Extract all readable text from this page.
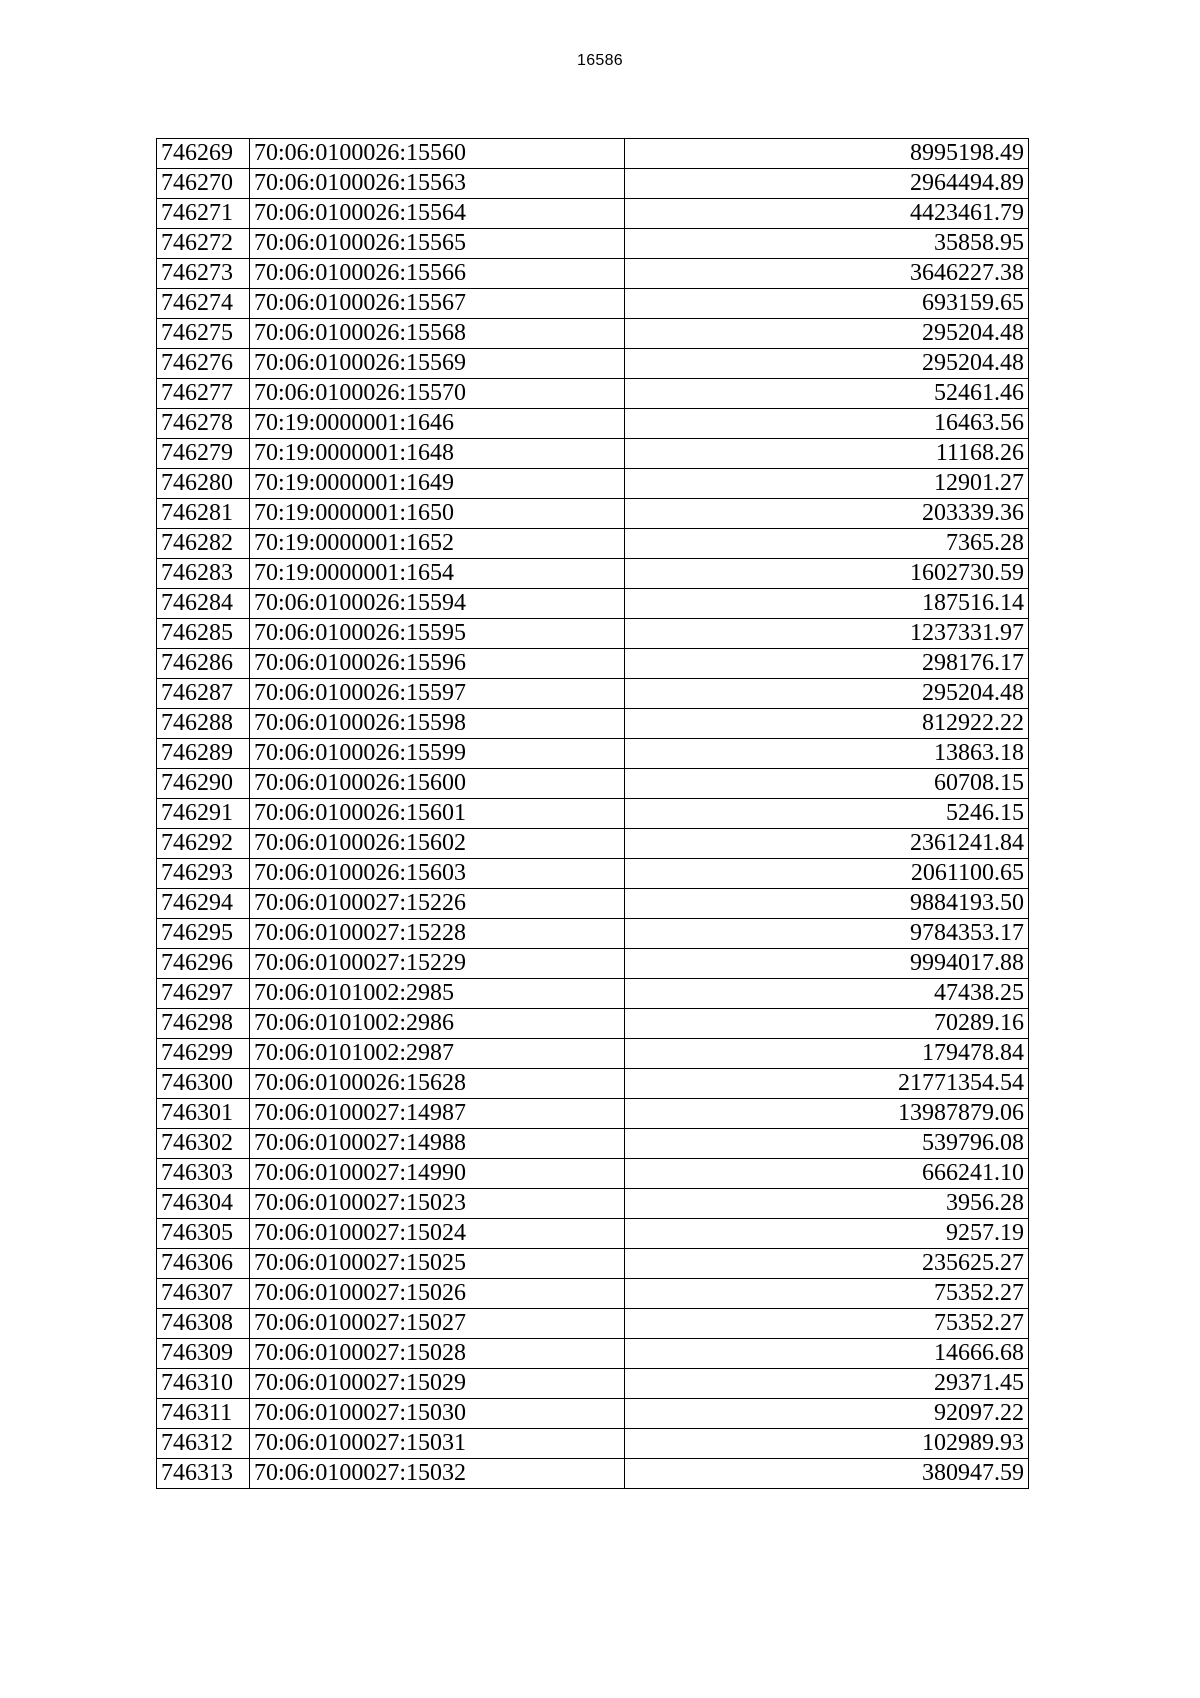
16586
746269	70:06:0100026:15560	8995198.49
746270	70:06:0100026:15563	2964494.89
746271	70:06:0100026:15564	4423461.79
746272	70:06:0100026:15565	35858.95
746273	70:06:0100026:15566	3646227.38
746274	70:06:0100026:15567	693159.65
746275	70:06:0100026:15568	295204.48
746276	70:06:0100026:15569	295204.48
746277	70:06:0100026:15570	52461.46
746278	70:19:0000001:1646	16463.56
746279	70:19:0000001:1648	11168.26
746280	70:19:0000001:1649	12901.27
746281	70:19:0000001:1650	203339.36
746282	70:19:0000001:1652	7365.28
746283	70:19:0000001:1654	1602730.59
746284	70:06:0100026:15594	187516.14
746285	70:06:0100026:15595	1237331.97
746286	70:06:0100026:15596	298176.17
746287	70:06:0100026:15597	295204.48
746288	70:06:0100026:15598	812922.22
746289	70:06:0100026:15599	13863.18
746290	70:06:0100026:15600	60708.15
746291	70:06:0100026:15601	5246.15
746292	70:06:0100026:15602	2361241.84
746293	70:06:0100026:15603	2061100.65
746294	70:06:0100027:15226	9884193.50
746295	70:06:0100027:15228	9784353.17
746296	70:06:0100027:15229	9994017.88
746297	70:06:0101002:2985	47438.25
746298	70:06:0101002:2986	70289.16
746299	70:06:0101002:2987	179478.84
746300	70:06:0100026:15628	21771354.54
746301	70:06:0100027:14987	13987879.06
746302	70:06:0100027:14988	539796.08
746303	70:06:0100027:14990	666241.10
746304	70:06:0100027:15023	3956.28
746305	70:06:0100027:15024	9257.19
746306	70:06:0100027:15025	235625.27
746307	70:06:0100027:15026	75352.27
746308	70:06:0100027:15027	75352.27
746309	70:06:0100027:15028	14666.68
746310	70:06:0100027:15029	29371.45
746311	70:06:0100027:15030	92097.22
746312	70:06:0100027:15031	102989.93
746313	70:06:0100027:15032	380947.59
